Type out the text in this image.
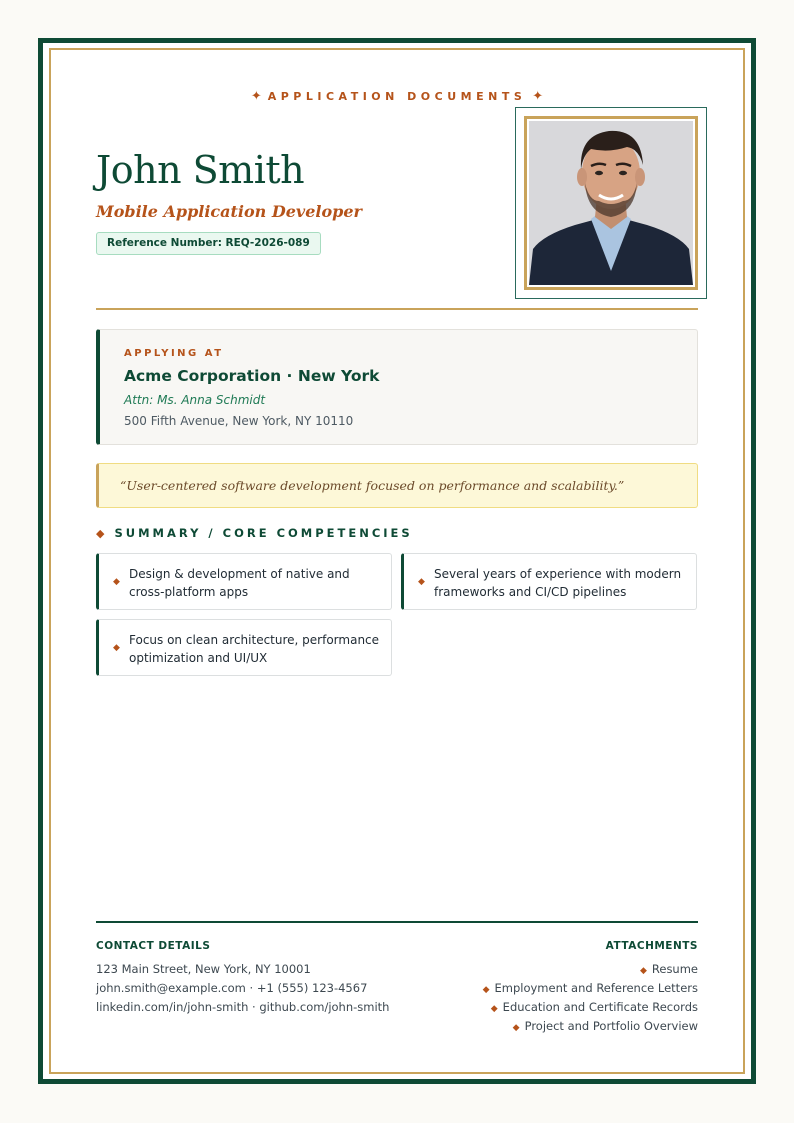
✦ APPLICATION DOCUMENTS ✦
John Smith
Mobile Application Developer
Reference Number: REQ-2026-089
APPLYING AT
Acme Corporation · New York
Attn: Ms. Anna Schmidt
500 Fifth Avenue, New York, NY 10110
“User-centered software development focused on performance and scalability.”
◆ SUMMARY / CORE COMPETENCIES
◆
Design & development of native and cross-platform apps
◆
Several years of experience with modern frameworks and CI/CD pipelines
◆
Focus on clean architecture, performance optimization and UI/UX
CONTACT DETAILS
123 Main Street, New York, NY 10001
john.smith@example.com · +1 (555) 123-4567
linkedin.com/in/john-smith · github.com/john-smith
ATTACHMENTS
◆ Resume
◆ Employment and Reference Letters
◆ Education and Certificate Records
◆ Project and Portfolio Overview
